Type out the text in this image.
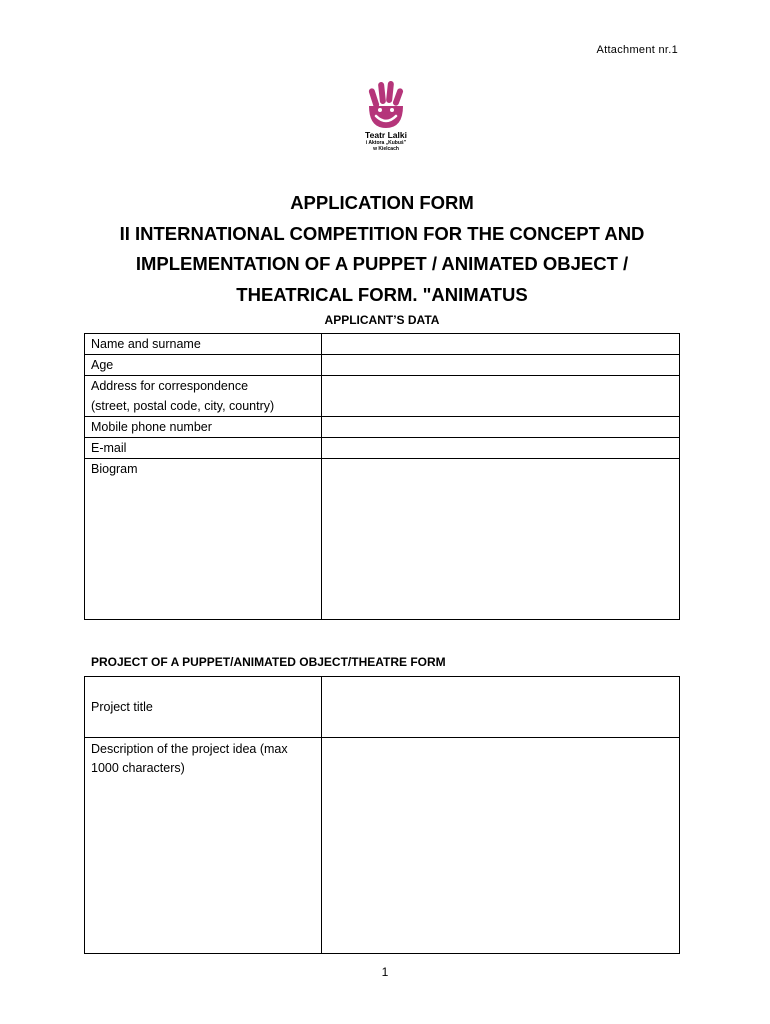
Attachment nr.1
Teatr Lalki
i Aktora „Kubuś”
w Kielcach
APPLICATION FORM
II INTERNATIONAL COMPETITION FOR THE CONCEPT AND
IMPLEMENTATION OF A PUPPET / ANIMATED OBJECT /
THEATRICAL FORM. "ANIMATUS
APPLICANT’S DATA
Name and surname	
Age	

Address for correspondence
(street, postal code, city, country)	

Mobile phone number	
E-mail	
Biogram	
PROJECT OF A PUPPET/ANIMATED OBJECT/THEATRE FORM
Project title	

Description of the project idea (max
1000 characters)	

1
